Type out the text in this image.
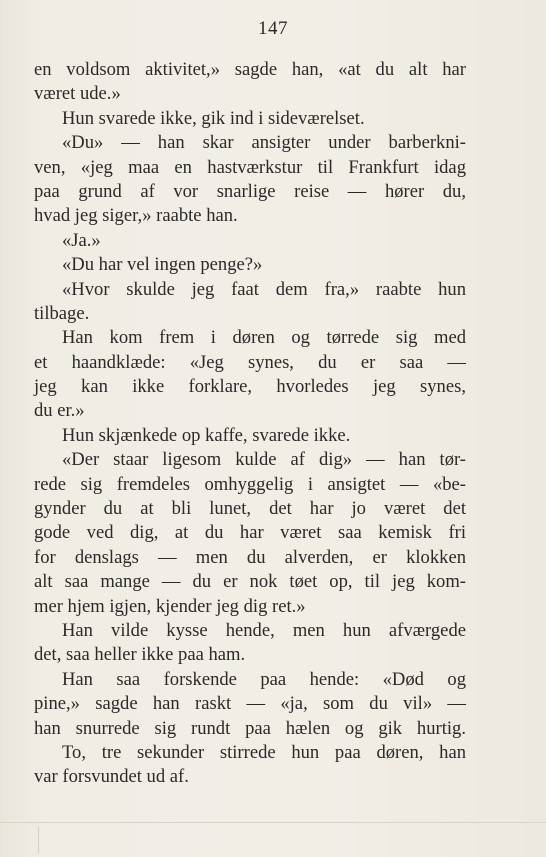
147
en voldsom aktivitet,» sagde han, «at du alt har
været ude.»
Hun svarede ikke, gik ind i sideværelset.
«Du» — han skar ansigter under barberkni-
ven, «jeg maa en hastværkstur til Frankfurt idag
paa grund af vor snarlige reise — hører du,
hvad jeg siger,» raabte han.
«Ja.»
«Du har vel ingen penge?»
«Hvor skulde jeg faat dem fra,» raabte hun
tilbage.
Han kom frem i døren og tørrede sig med
et haandklæde: «Jeg synes, du er saa —
jeg kan ikke forklare, hvorledes jeg synes,
du er.»
Hun skjænkede op kaffe, svarede ikke.
«Der staar ligesom kulde af dig» — han tør-
rede sig fremdeles omhyggelig i ansigtet — «be-
gynder du at bli lunet, det har jo været det
gode ved dig, at du har været saa kemisk fri
for denslags — men du alverden, er klokken
alt saa mange — du er nok tøet op, til jeg kom-
mer hjem igjen, kjender jeg dig ret.»
Han vilde kysse hende, men hun afværgede
det, saa heller ikke paa ham.
Han saa forskende paa hende: «Død og
pine,» sagde han raskt — «ja, som du vil» —
han snurrede sig rundt paa hælen og gik hurtig.
To, tre sekunder stirrede hun paa døren, han
var forsvundet ud af.
